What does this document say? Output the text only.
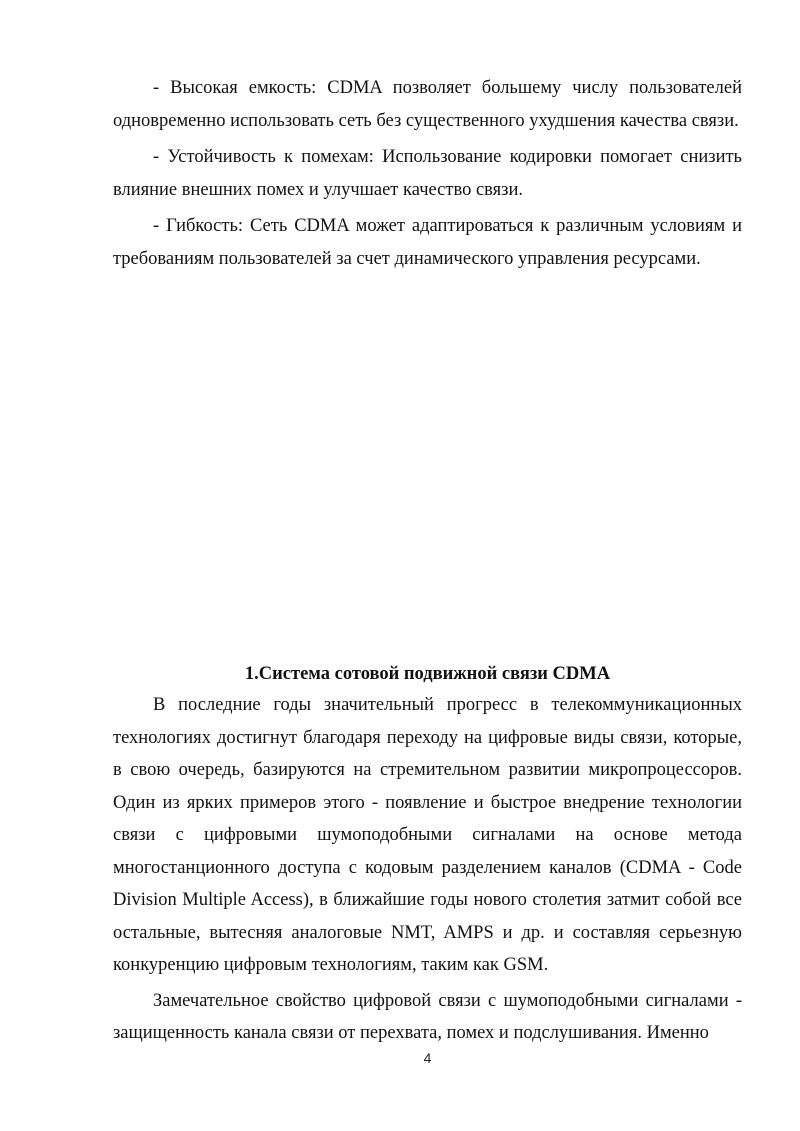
- Высокая емкость: CDMA позволяет большему числу пользователей одновременно использовать сеть без существенного ухудшения качества связи.

- Устойчивость к помехам: Использование кодировки помогает снизить влияние внешних помех и улучшает качество связи.

- Гибкость: Сеть CDMA может адаптироваться к различным условиям и требованиям пользователей за счет динамического управления ресурсами.

1.Система сотовой подвижной связи CDMA

В последние годы значительный прогресс в телекоммуникационных технологиях достигнут благодаря переходу на цифровые виды связи, которые, в свою очередь, базируются на стремительном развитии микропроцессоров. Один из ярких примеров этого - появление и быстрое внедрение технологии связи с цифровыми шумоподобными сигналами на основе метода многостанционного доступа с кодовым разделением каналов (CDMA - Code Division Multiple Access), в ближайшие годы нового столетия затмит собой все остальные, вытесняя аналоговые NMT, AMPS и др. и составляя серьезную конкуренцию цифровым технологиям, таким как GSM.

Замечательное свойство цифровой связи с шумоподобными сигналами - защищенность канала связи от перехвата, помех и подслушивания. Именно

4
